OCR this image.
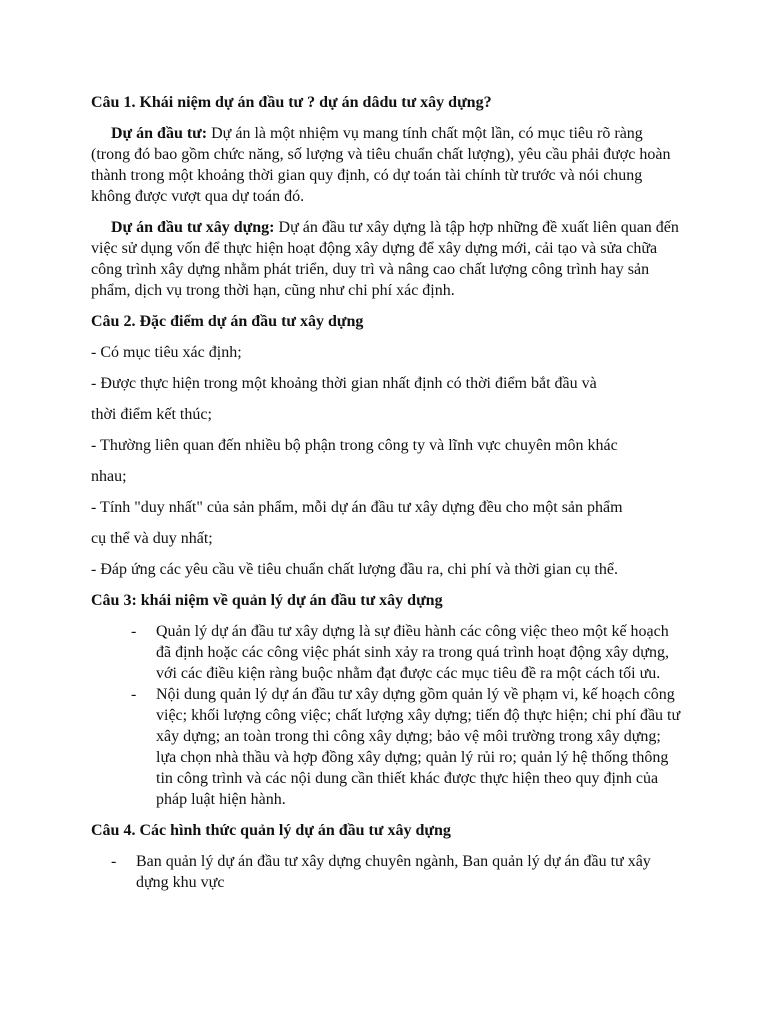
Câu 1. Khái niệm dự án đầu tư ? dự án dâdu tư xây dựng?

Dự án đầu tư: Dự án là một nhiệm vụ mang tính chất một lần, có mục tiêu rõ ràng (trong đó bao gồm chức năng, số lượng và tiêu chuẩn chất lượng), yêu cầu phải được hoàn thành trong một khoảng thời gian quy định, có dự toán tài chính từ trước và nói chung không được vượt qua dự toán đó.

Dự án đầu tư xây dựng: Dự án đầu tư xây dựng là tập hợp những đề xuất liên quan đến việc sử dụng vốn để thực hiện hoạt động xây dựng để xây dựng mới, cải tạo và sửa chữa công trình xây dựng nhằm phát triển, duy trì và nâng cao chất lượng công trình hay sản phẩm, dịch vụ trong thời hạn, cũng như chi phí xác định.

Câu 2. Đặc điểm dự án đầu tư xây dựng

- Có mục tiêu xác định;

- Được thực hiện trong một khoảng thời gian nhất định có thời điểm bắt đầu và

thời điểm kết thúc;

- Thường liên quan đến nhiều bộ phận trong công ty và lĩnh vực chuyên môn khác

nhau;

- Tính "duy nhất" của sản phẩm, mỗi dự án đầu tư xây dựng đều cho một sản phẩm

cụ thể và duy nhất;

- Đáp ứng các yêu cầu về tiêu chuẩn chất lượng đầu ra, chi phí và thời gian cụ thể.

Câu 3: khái niệm về quản lý dự án đầu tư xây dựng

- Quản lý dự án đầu tư xây dựng là sự điều hành các công việc theo một kế hoạch đã định hoặc các công việc phát sinh xảy ra trong quá trình hoạt động xây dựng, với các điều kiện ràng buộc nhằm đạt được các mục tiêu đề ra một cách tối ưu.
- Nội dung quản lý dự án đầu tư xây dựng gồm quản lý về phạm vi, kế hoạch công việc; khối lượng công việc; chất lượng xây dựng; tiến độ thực hiện; chi phí đầu tư xây dựng; an toàn trong thi công xây dựng; bảo vệ môi trường trong xây dựng; lựa chọn nhà thầu và hợp đồng xây dựng; quản lý rủi ro; quản lý hệ thống thông tin công trình và các nội dung cần thiết khác được thực hiện theo quy định của pháp luật hiện hành.

Câu 4. Các hình thức quản lý dự án đầu tư xây dựng

- Ban quản lý dự án đầu tư xây dựng chuyên ngành, Ban quản lý dự án đầu tư xây dựng khu vực
